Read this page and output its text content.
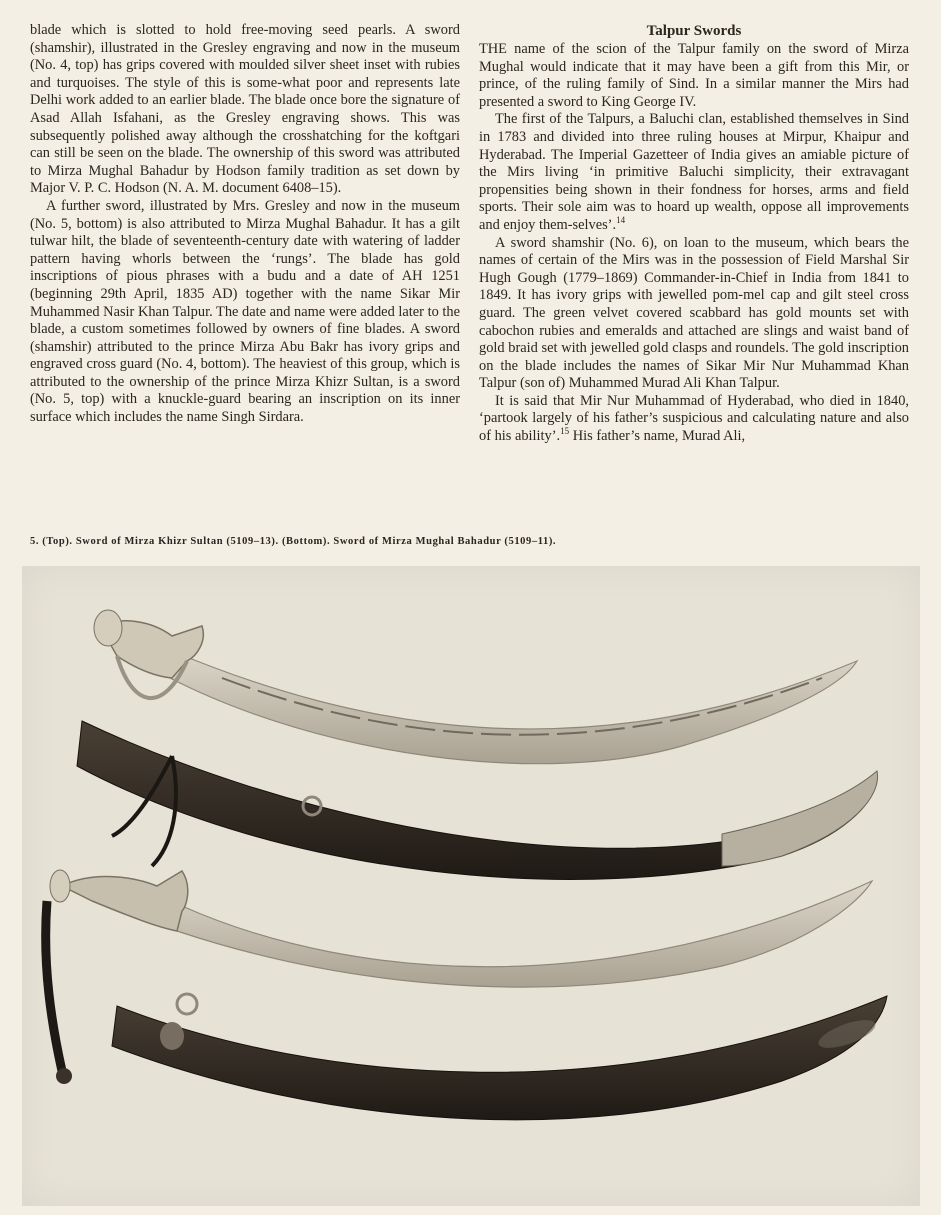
blade which is slotted to hold free-moving seed pearls. A sword (shamshir), illustrated in the Gresley engraving and now in the museum (No. 4, top) has grips covered with moulded silver sheet inset with rubies and turquoises. The style of this is some-what poor and represents late Delhi work added to an earlier blade. The blade once bore the signature of Asad Allah Isfahani, as the Gresley engraving shows. This was subsequently polished away although the crosshatching for the koftgari can still be seen on the blade. The ownership of this sword was attributed to Mirza Mughal Bahadur by Hodson family tradition as set down by Major V. P. C. Hodson (N. A. M. document 6408–15).

A further sword, illustrated by Mrs. Gresley and now in the museum (No. 5, bottom) is also attributed to Mirza Mughal Bahadur. It has a gilt tulwar hilt, the blade of seventeenth-century date with watering of ladder pattern having whorls between the ‘rungs’. The blade has gold inscriptions of pious phrases with a budu and a date of AH 1251 (beginning 29th April, 1835 AD) together with the name Sikar Mir Muhammed Nasir Khan Talpur. The date and name were added later to the blade, a custom sometimes followed by owners of fine blades. A sword (shamshir) attributed to the prince Mirza Abu Bakr has ivory grips and engraved cross guard (No. 4, bottom). The heaviest of this group, which is attributed to the ownership of the prince Mirza Khizr Sultan, is a sword (No. 5, top) with a knuckle-guard bearing an inscription on its inner surface which includes the name Singh Sirdara.

Talpur Swords

THE name of the scion of the Talpur family on the sword of Mirza Mughal would indicate that it may have been a gift from this Mir, or prince, of the ruling family of Sind. In a similar manner the Mirs had presented a sword to King George IV.

The first of the Talpurs, a Baluchi clan, established themselves in Sind in 1783 and divided into three ruling houses at Mirpur, Khaipur and Hyderabad. The Imperial Gazetteer of India gives an amiable picture of the Mirs living ‘in primitive Baluchi simplicity, their extravagant propensities being shown in their fondness for horses, arms and field sports. Their sole aim was to hoard up wealth, oppose all improvements and enjoy them-selves’.$^{14}$

A sword shamshir (No. 6), on loan to the museum, which bears the names of certain of the Mirs was in the possession of Field Marshal Sir Hugh Gough (1779–1869) Commander-in-Chief in India from 1841 to 1849. It has ivory grips with jewelled pom-mel cap and gilt steel cross guard. The green velvet covered scabbard has gold mounts set with cabochon rubies and emeralds and attached are slings and waist band of gold braid set with jewelled gold clasps and roundels. The gold inscription on the blade includes the names of Sikar Mir Nur Muhammad Khan Talpur (son of) Muhammed Murad Ali Khan Talpur.

It is said that Mir Nur Muhammad of Hyderabad, who died in 1840, ‘partook largely of his father’s suspicious and calculating nature and also of his ability’.$^{15}$ His father’s name, Murad Ali,

5. (Top). Sword of Mirza Khizr Sultan (5109–13). (Bottom). Sword of Mirza Mughal Bahadur (5109–11).
